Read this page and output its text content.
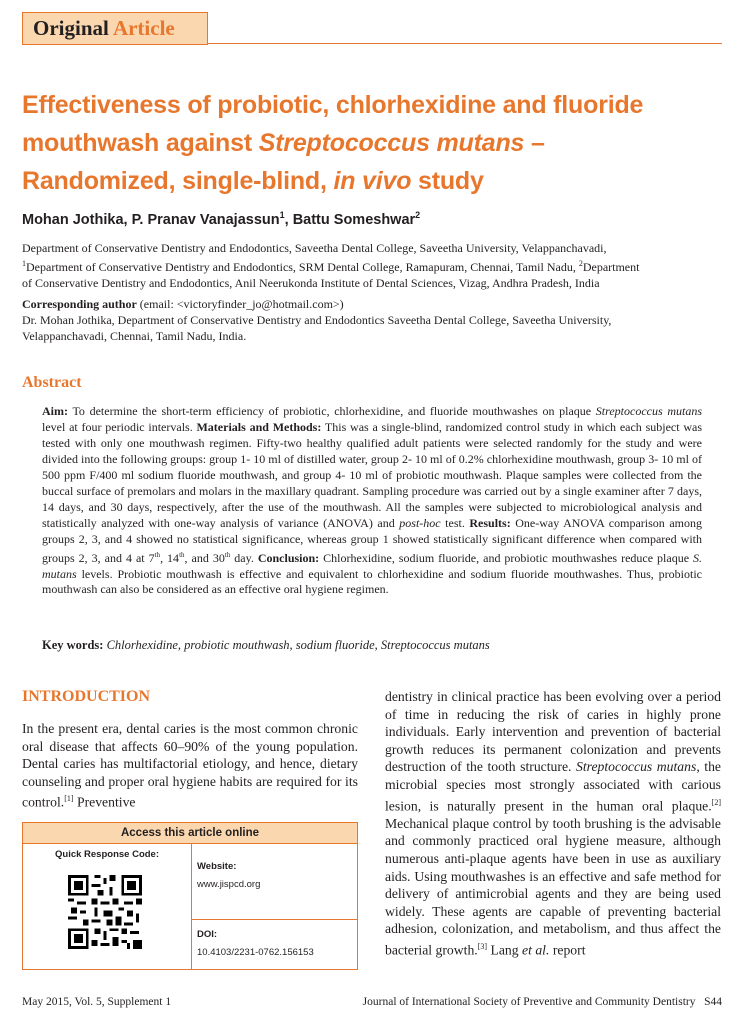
Original Article
Effectiveness of probiotic, chlorhexidine and fluoride
mouthwash against Streptococcus mutans –
Randomized, single-blind, in vivo study
Mohan Jothika, P. Pranav Vanajassun$^1$, Battu Someshwar$^2$
Department of Conservative Dentistry and Endodontics, Saveetha Dental College, Saveetha University, Velappanchavadi,
$^1$Department of Conservative Dentistry and Endodontics, SRM Dental College, Ramapuram, Chennai, Tamil Nadu, $^2$Department
of Conservative Dentistry and Endodontics, Anil Neerukonda Institute of Dental Sciences, Vizag, Andhra Pradesh, India
Corresponding author (email: <victoryfinder_jo@hotmail.com>)
Dr. Mohan Jothika, Department of Conservative Dentistry and Endodontics Saveetha Dental College, Saveetha University,
Velappanchavadi, Chennai, Tamil Nadu, India.
Abstract
Aim: To determine the short-term efficiency of probiotic, chlorhexidine, and fluoride mouthwashes on plaque Streptococcus mutans level at four periodic intervals. Materials and Methods: This was a single-blind, randomized control study in which each subject was tested with only one mouthwash regimen. Fifty-two healthy qualified adult patients were selected randomly for the study and were divided into the following groups: group 1- 10 ml of distilled water, group 2- 10 ml of 0.2% chlorhexidine mouthwash, group 3- 10 ml of 500 ppm F/400 ml sodium fluoride mouthwash, and group 4- 10 ml of probiotic mouthwash. Plaque samples were collected from the buccal surface of premolars and molars in the maxillary quadrant. Sampling procedure was carried out by a single examiner after 7 days, 14 days, and 30 days, respectively, after the use of the mouthwash. All the samples were subjected to microbiological analysis and statistically analyzed with one-way analysis of variance (ANOVA) and post-hoc test. Results: One-way ANOVA comparison among groups 2, 3, and 4 showed no statistical significance, whereas group 1 showed statistically significant difference when compared with groups 2, 3, and 4 at 7th, 14th, and 30th day. Conclusion: Chlorhexidine, sodium fluoride, and probiotic mouthwashes reduce plaque S. mutans levels. Probiotic mouthwash is effective and equivalent to chlorhexidine and sodium fluoride mouthwashes. Thus, probiotic mouthwash can also be considered as an effective oral hygiene regimen.
Key words: Chlorhexidine, probiotic mouthwash, sodium fluoride, Streptococcus mutans
INTRODUCTION
In the present era, dental caries is the most common chronic oral disease that affects 60–90% of the young population. Dental caries has multifactorial etiology, and hence, dietary counseling and proper oral hygiene habits are required for its control.[1] Preventive
dentistry in clinical practice has been evolving over a period of time in reducing the risk of caries in highly prone individuals. Early intervention and prevention of bacterial growth reduces its permanent colonization and prevents destruction of the tooth structure. Streptococcus mutans, the microbial species most strongly associated with carious lesion, is naturally present in the human oral plaque.[2] Mechanical plaque control by tooth brushing is the advisable and commonly practiced oral hygiene measure, although numerous anti-plaque agents have been in use as auxiliary aids. Using mouthwashes is an effective and safe method for delivery of antimicrobial agents and they are being used widely. These agents are capable of preventing bacterial adhesion, colonization, and metabolism, and thus affect the bacterial growth.[3] Lang et al. report
Access this article online
Quick Response Code:
Website:
www.jispcd.org
DOI:
10.4103/2231-0762.156153
May 2015, Vol. 5, Supplement 1	Journal of International Society of Preventive and Community Dentistry   S44
